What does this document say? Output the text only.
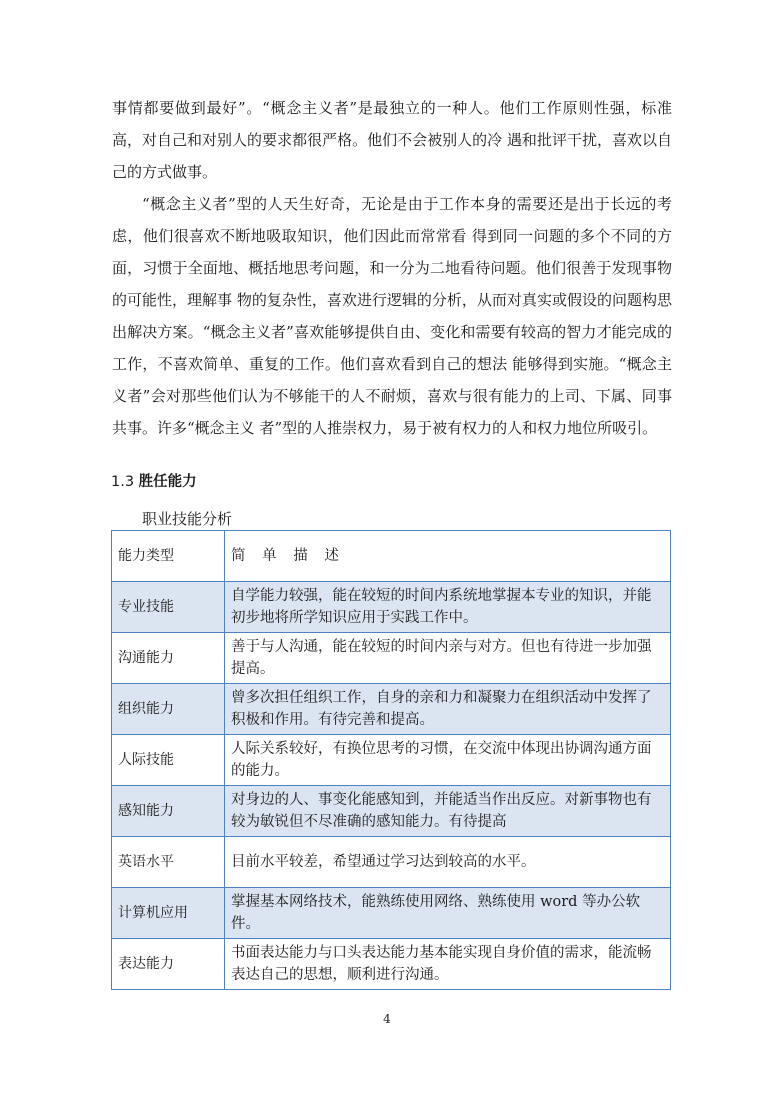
事情都要做到最好”。“概念主义者”是最独立的一种人。他们工作原则性强，标准高，对自己和对别人的要求都很严格。他们不会被别人的冷 遇和批评干扰，喜欢以自己的方式做事。

“概念主义者”型的人天生好奇，无论是由于工作本身的需要还是出于长远的考虑，他们很喜欢不断地吸取知识，他们因此而常常看 得到同一问题的多个不同的方面，习惯于全面地、概括地思考问题，和一分为二地看待问题。他们很善于发现事物的可能性，理解事 物的复杂性，喜欢进行逻辑的分析，从而对真实或假设的问题构思出解决方案。“概念主义者”喜欢能够提供自由、变化和需要有较高的智力才能完成的工作，不喜欢简单、重复的工作。他们喜欢看到自己的想法 能够得到实施。“概念主义者”会对那些他们认为不够能干的人不耐烦，喜欢与很有能力的上司、下属、同事共事。许多“概念主义 者”型的人推崇权力，易于被有权力的人和权力地位所吸引。

1.3 胜任能力
职业技能分析
能力类型	简 单 描 述
专业技能	自学能力较强，能在较短的时间内系统地掌握本专业的知识，并能初步地将所学知识应用于实践工作中。
沟通能力	善于与人沟通，能在较短的时间内亲与对方。但也有待进一步加强提高。
组织能力	曾多次担任组织工作，自身的亲和力和凝聚力在组织活动中发挥了积极和作用。有待完善和提高。
人际技能	人际关系较好，有换位思考的习惯，在交流中体现出协调沟通方面的能力。
感知能力	对身边的人、事变化能感知到，并能适当作出反应。对新事物也有较为敏锐但不尽准确的感知能力。有待提高
英语水平	目前水平较差，希望通过学习达到较高的水平。
计算机应用	掌握基本网络技术，能熟练使用网络、熟练使用 word 等办公软件。
表达能力	书面表达能力与口头表达能力基本能实现自身价值的需求，能流畅表达自己的思想，顺利进行沟通。
4
